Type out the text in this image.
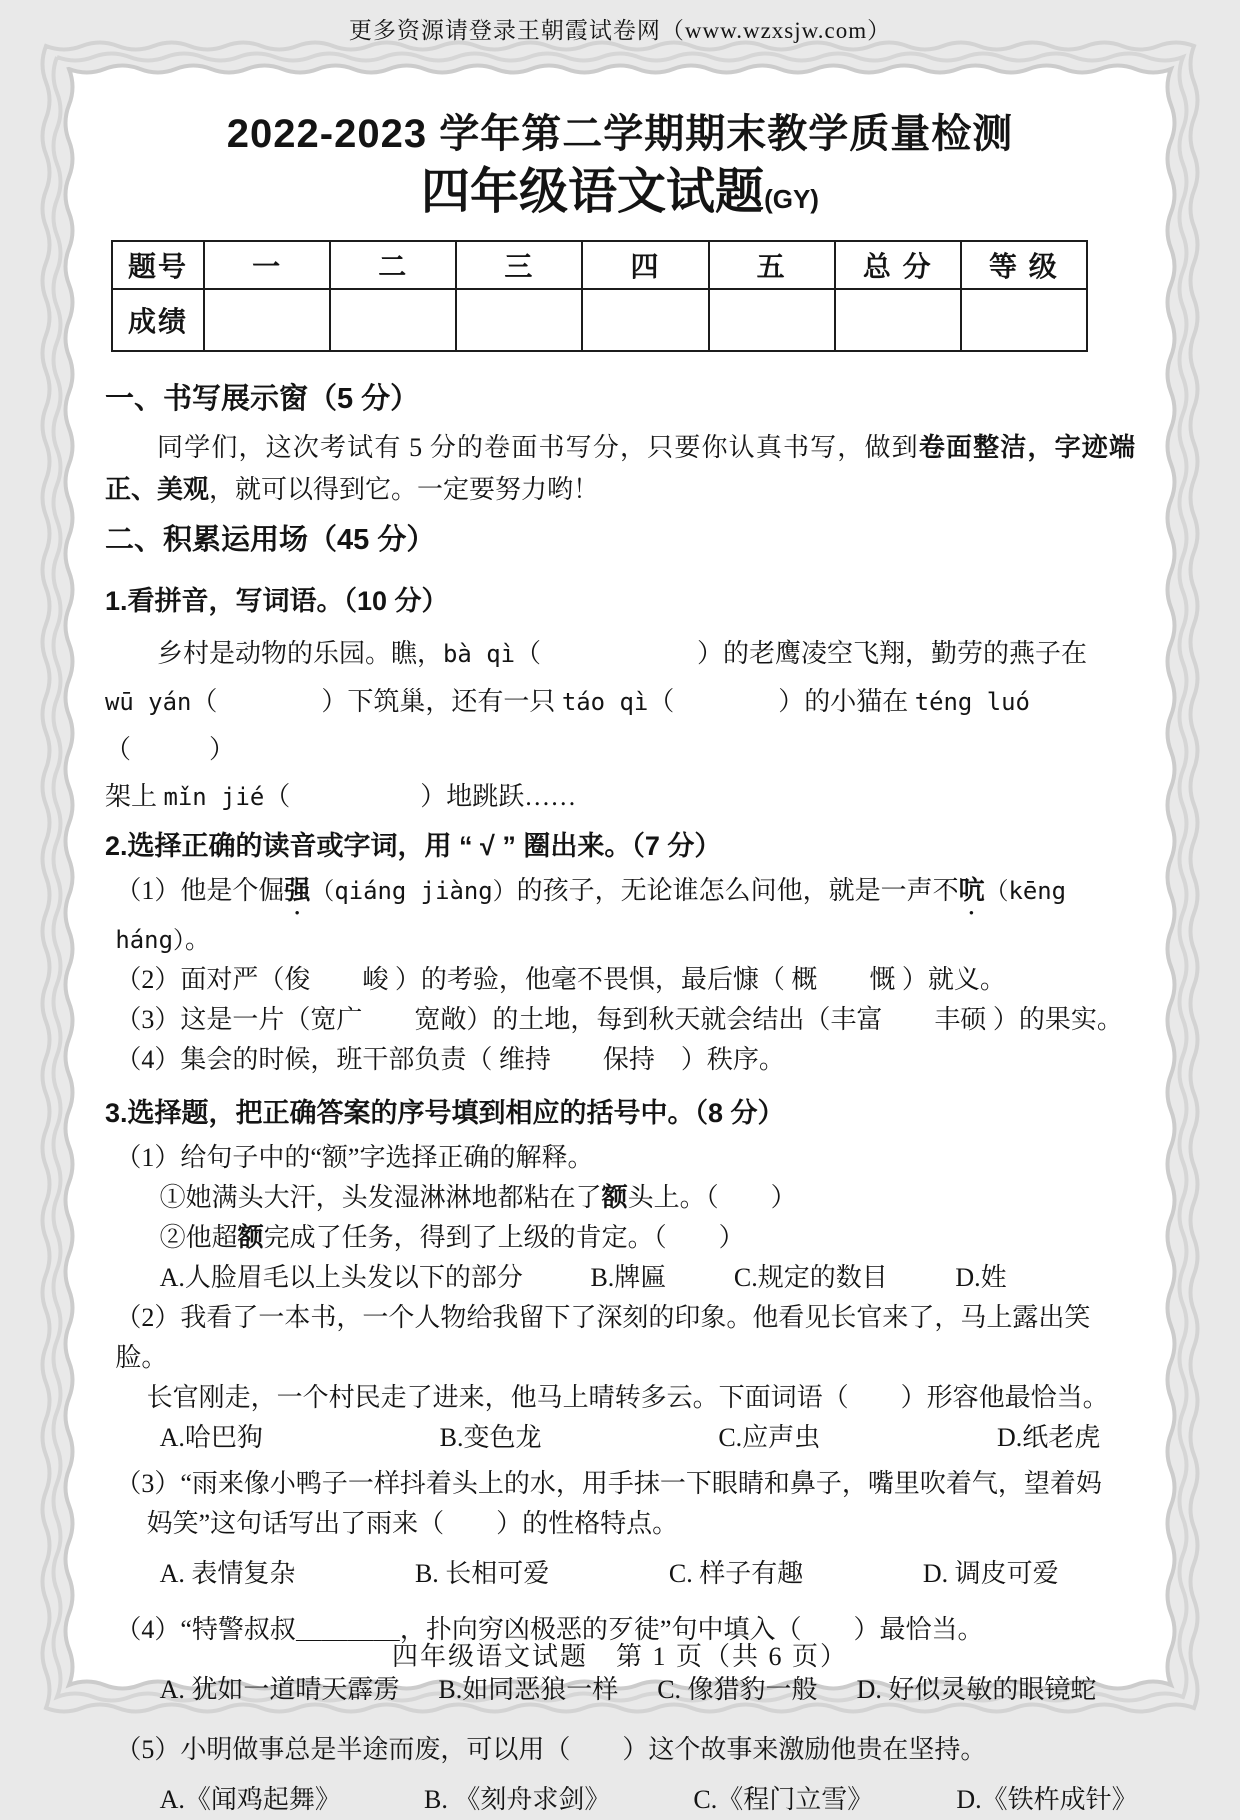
更多资源请登录王朝霞试卷网（www.wzxsjw.com）
2022-2023 学年第二学期期末教学质量检测
四年级语文试题(GY)
题号	一	二	三	四	五	总 分	等 级
成绩							
一、书写展示窗（5 分）

同学们，这次考试有 5 分的卷面书写分，只要你认真书写，做到卷面整洁，字迹端正、美观，就可以得到它。一定要努力哟！

二、积累运用场（45 分）
1.看拼音，写词语。（10 分）
乡村是动物的乐园。瞧，bà qì（　　　　　　）的老鹰凌空飞翔，勤劳的燕子在
wū yán（　　　　）下筑巢，还有一只 táo qì（　　　　）的小猫在 téng luó（　　　）
架上 mǐn jié（　　　　　）地跳跃……
2.选择正确的读音或字词，用 “ √ ” 圈出来。（7 分）
（1）他是个倔强（qiáng jiàng）的孩子，无论谁怎么问他，就是一声不吭（kēng háng）。
（2）面对严（俊　　峻 ）的考验，他毫不畏惧，最后慷（ 概　　慨 ）就义。
（3）这是一片（宽广　　宽敞）的土地，每到秋天就会结出（丰富　　丰硕 ）的果实。
（4）集会的时候，班干部负责（ 维持　　保持　）秩序。
3.选择题，把正确答案的序号填到相应的括号中。（8 分）
（1）给句子中的“额”字选择正确的解释。
①她满头大汗，头发湿淋淋地都粘在了额头上。（　　）
②他超额完成了任务，得到了上级的肯定。（　　）
A.人脸眉毛以上头发以下的部分	B.牌匾	C.规定的数目	D.姓
（2）我看了一本书，一个人物给我留下了深刻的印象。他看见长官来了，马上露出笑脸。
长官刚走，一个村民走了进来，他马上晴转多云。下面词语（　　）形容他最恰当。
A.哈巴狗	B.变色龙	C.应声虫	D.纸老虎
（3）“雨来像小鸭子一样抖着头上的水，用手抹一下眼睛和鼻子，嘴里吹着气，望着妈
妈笑”这句话写出了雨来（　　）的性格特点。
A. 表情复杂	B. 长相可爱	C. 样子有趣	D. 调皮可爱
（4）“特警叔叔＿＿＿＿，扑向穷凶极恶的歹徒”句中填入（　　）最恰当。
A. 犹如一道晴天霹雳 B.如同恶狼一样 C. 像猎豹一般 D. 好似灵敏的眼镜蛇
（5）小明做事总是半途而废，可以用（　　）这个故事来激励他贵在坚持。
A.《闻鸡起舞》	B. 《刻舟求剑》	C.《程门立雪》	D.《铁杵成针》
四年级语文试题　第 1 页（共 6 页）
